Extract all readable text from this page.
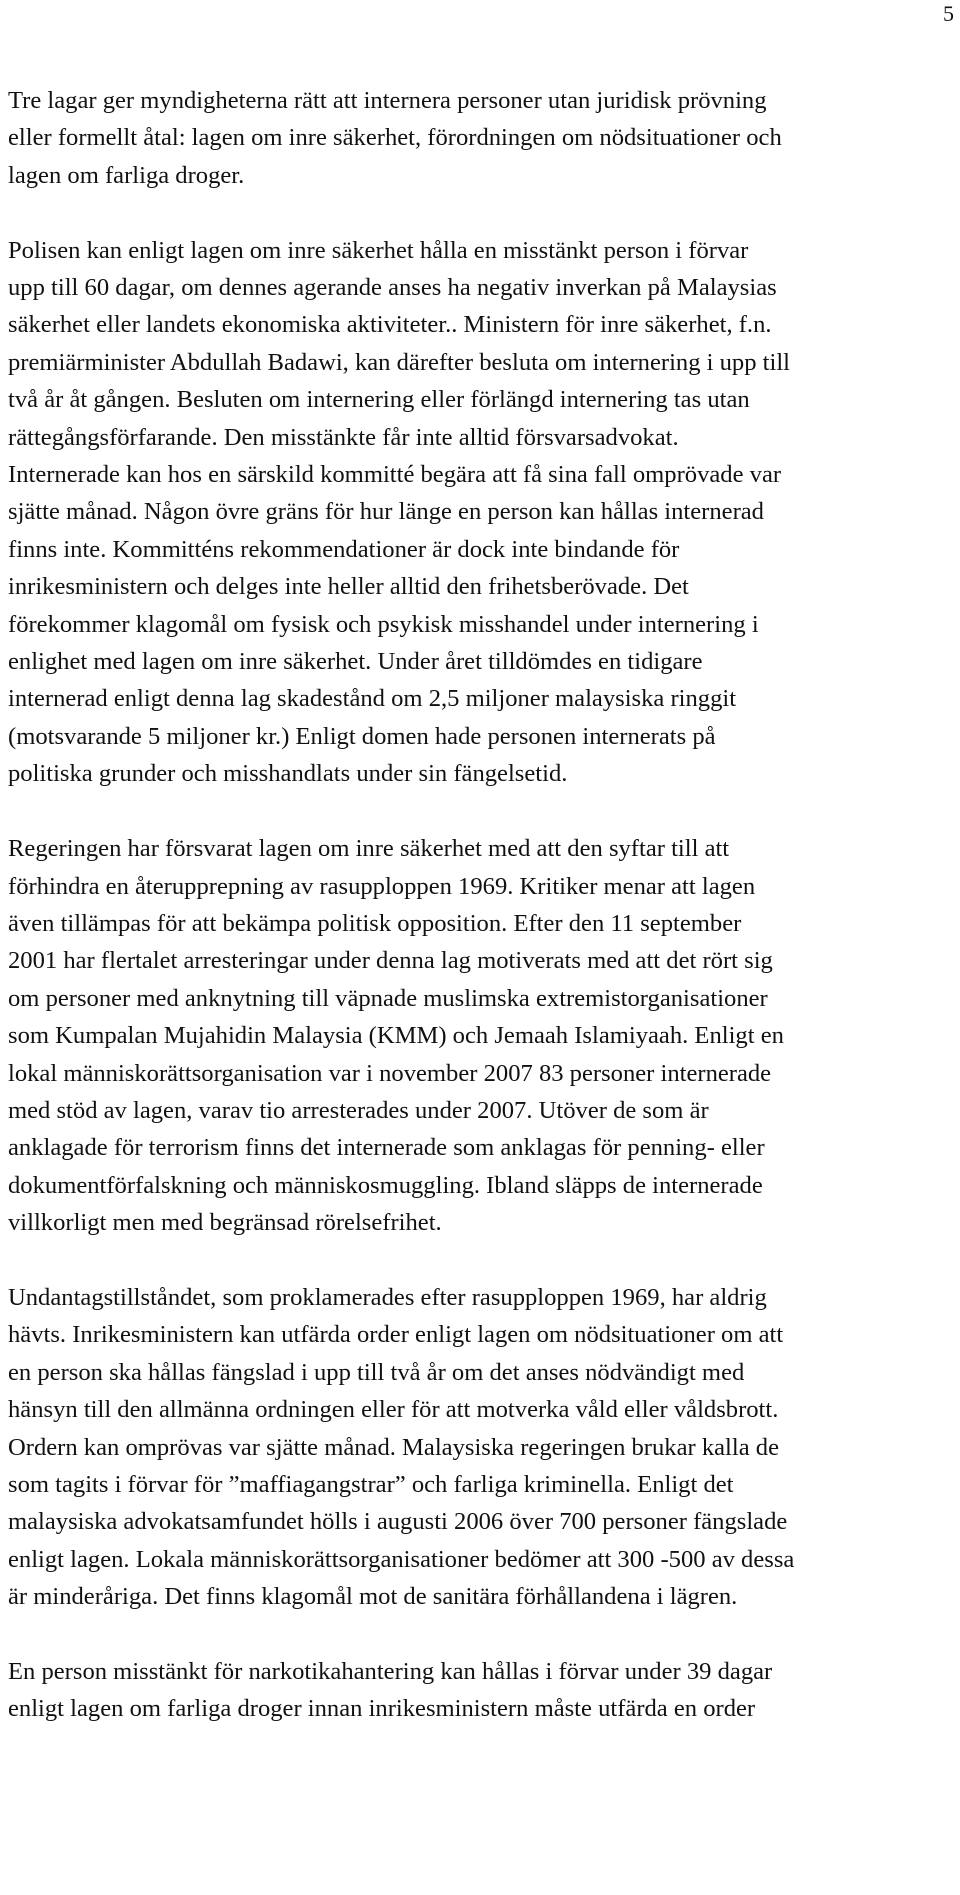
5
Tre lagar ger myndigheterna rätt att internera personer utan juridisk prövning
eller formellt åtal: lagen om inre säkerhet, förordningen om nödsituationer och
lagen om farliga droger.
Polisen kan enligt lagen om inre säkerhet hålla en misstänkt person i förvar
upp till 60 dagar, om dennes agerande anses ha negativ inverkan på Malaysias
säkerhet eller landets ekonomiska aktiviteter.. Ministern för inre säkerhet, f.n.
premiärminister Abdullah Badawi, kan därefter besluta om internering i upp till
två år åt gången. Besluten om internering eller förlängd internering tas utan
rättegångsförfarande. Den misstänkte får inte alltid försvarsadvokat.
Internerade kan hos en särskild kommitté begära att få sina fall omprövade var
sjätte månad. Någon övre gräns för hur länge en person kan hållas internerad
finns inte. Kommitténs rekommendationer är dock inte bindande för
inrikesministern och delges inte heller alltid den frihetsberövade. Det
förekommer klagomål om fysisk och psykisk misshandel under internering i
enlighet med lagen om inre säkerhet. Under året tilldömdes en tidigare
internerad enligt denna lag skadestånd om 2,5 miljoner malaysiska ringgit
(motsvarande 5 miljoner kr.) Enligt domen hade personen internerats på
politiska grunder och misshandlats under sin fängelsetid.
Regeringen har försvarat lagen om inre säkerhet med att den syftar till att
förhindra en återupprepning av rasupploppen 1969. Kritiker menar att lagen
även tillämpas för att bekämpa politisk opposition. Efter den 11 september
2001 har flertalet arresteringar under denna lag motiverats med att det rört sig
om personer med anknytning till väpnade muslimska extremistorganisationer
som Kumpalan Mujahidin Malaysia (KMM) och Jemaah Islamiyaah. Enligt en
lokal människorättsorganisation var i november 2007 83 personer internerade
med stöd av lagen, varav tio arresterades under 2007. Utöver de som är
anklagade för terrorism finns det internerade som anklagas för penning- eller
dokumentförfalskning och människosmuggling. Ibland släpps de internerade
villkorligt men med begränsad rörelsefrihet.
Undantagstillståndet, som proklamerades efter rasupploppen 1969, har aldrig
hävts. Inrikesministern kan utfärda order enligt lagen om nödsituationer om att
en person ska hållas fängslad i upp till två år om det anses nödvändigt med
hänsyn till den allmänna ordningen eller för att motverka våld eller våldsbrott.
Ordern kan omprövas var sjätte månad. Malaysiska regeringen brukar kalla de
som tagits i förvar för ”maffiagangstrar” och farliga kriminella. Enligt det
malaysiska advokatsamfundet hölls i augusti 2006 över 700 personer fängslade
enligt lagen. Lokala människorättsorganisationer bedömer att 300 -500 av dessa
är minderåriga. Det finns klagomål mot de sanitära förhållandena i lägren.
En person misstänkt för narkotikahantering kan hållas i förvar under 39 dagar
enligt lagen om farliga droger innan inrikesministern måste utfärda en order
